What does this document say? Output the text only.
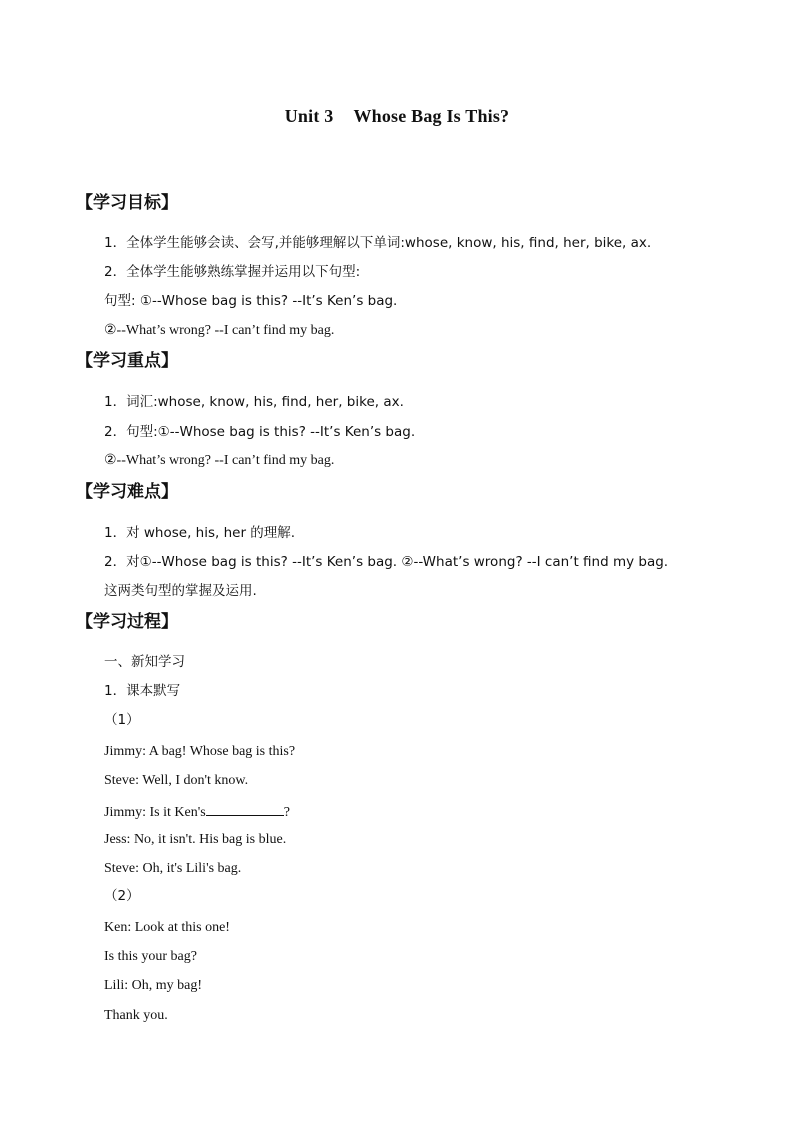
Unit 3 Whose Bag Is This?
【学习目标】
1．全体学生能够会读、会写,并能够理解以下单词:whose, know, his, find, her, bike, ax.
2．全体学生能够熟练掌握并运用以下句型:
句型: ①--Whose bag is this? --It’s Ken’s bag.
②--What’s wrong? --I can’t find my bag.
【学习重点】
1．词汇:whose, know, his, find, her, bike, ax.
2．句型:①--Whose bag is this? --It’s Ken’s bag.
②--What’s wrong? --I can’t find my bag.
【学习难点】
1．对 whose, his, her 的理解.
2．对①--Whose bag is this? --It’s Ken’s bag. ②--What’s wrong? --I can’t find my bag.
这两类句型的掌握及运用.
【学习过程】
一、新知学习
1．课本默写
（1）
Jimmy: A bag! Whose bag is this?
Steve: Well, I don't know.
Jimmy: Is it Ken's	?
Jess: No, it isn't. His bag is blue.
Steve: Oh, it's Lili's bag.
（2）
Ken: Look at this one!
Is this your bag?
Lili: Oh, my bag!
Thank you.
